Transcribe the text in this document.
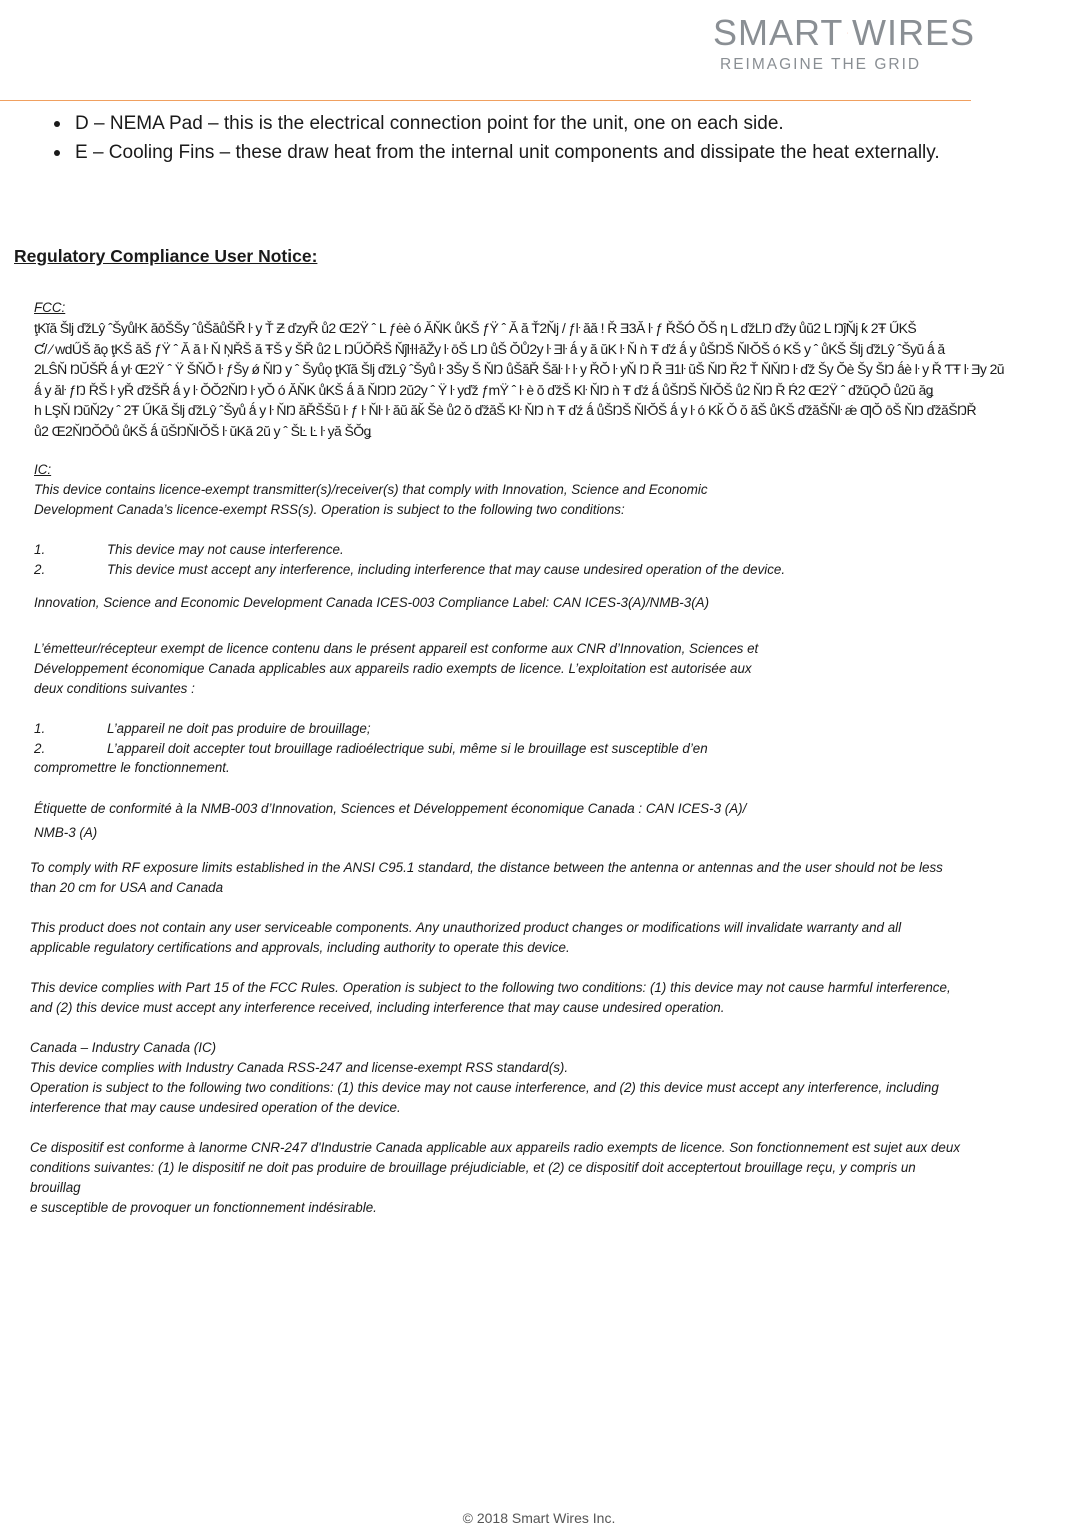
SMART WIRES
REIMAGINE THE GRID
D – NEMA Pad – this is the electrical connection point for the unit, one on each side.
E – Cooling Fins – these draw heat from the internal unit components and dissipate the heat externally.
Regulatory Compliance User Notice:
FCC:
ţKĭă Šlj ďžLŷ ˆŠyůŀK ăōŠŠy ˆůŠăůŠŘ ŀ y Ť Ƶ ďzyŘ ů2 Œ2Ÿ ˆ L ƒėè ó ĂŇK ůKŠ ƒŸ ˆ Ă ă Ť2Ňj / ƒŀ ăă ! Ř Ǝ3Ă ŀ ƒ ŘŠÓ ŎŠ ƞ L ďžLŊ ďžy ůŭ2 L ŊĵŇj ƙ 2Ŧ ŰKŠ
Ƈ/ ⁄ wdŰŠ ăǫ ţKŠ ăŠ ƒŸ ˆ Ă ă ŀ Ň ŅŘŠ ă ŦŠ y ŠŘ ů2 L ŊŰŎŘŠ ŇĵŀŀŀăŽy ŀ ōŠ LŊ ůŠ ŎŮ2y ŀ Ǝŀ ǻ y ă ŭK ŀ Ň ǹ Ŧ ďź ǻ y ůŠŊŠ ŇŀŎŠ ó KŠ y ˆ ůKŠ Šlj ďžLŷ ˆŠyŭ ǻ ă
2LŜŇ ŊŬŠŘ ǻ yŀ Œ2Ÿ ˆ Ÿ ŠŇŎ ŀ ƒŠy ǿ ŇŊ y ˆ Šyůǫ ţKĭă Šlj ďžLŷ ˆŠyů ŀ 3Šy Š ŇŊ ůŠăŘ Šăŀ ŀ ŀ y ŘŎ ŀ yŇ Ŋ Ř Ǝ1ŀ ŭŠ ŇŊ Ř2 Ť ŇŇŊ ŀ ďž Šy Ŏè Šy ŠŊ ǻè ŀ y Ř ƬŦ ŀ Ǝy 2ŭ
ǻ y ăŀ ƒŊ ŘŠ ŀ yŘ ďžŠŘ ǻ y ŀ ŎŎ2ŇŊ ŀ yŎ ó ĂŇK ůKŠ ǻ ă ŇŊŊ 2ŭ2y ˆ Ÿ ŀ yďž ƒmŸ ˆ ŀ è ŏ ďžŠ Kŀ ŇŊ ǹ Ŧ ďź ǻ ůŠŊŠ ŇŀŎŠ ů2 ŇŊ Ř Ŕ2 Œ2Ÿ ˆ ďžŭǪŌ ů2ŭ ăǥ
h LŞŇ ŊŭŇ2y ˆ 2Ŧ ŰKă Šlj ďžLŷ ˆŠyů ǻ y ŀ ŇŊ ăŘŠŠŭ ŀ ƒ ŀ Ňŀ ŀ ăŭ ăǩ Šè ů2 ŏ ďžăŠ Kŀ ŇŊ ǹ Ŧ ďź ǻ ůŠŊŠ ŇŀŎŠ ǻ y ŀ ó Kǩ Ǒ ŏ ăŠ ůKŠ ďžăŠŇŀ ǽ ƢŎ ōŠ ŇŊ ďžăŠŊŘ
ů2 Œ2ŇŊŎŌů ůKŠ ǻ ŭŠŊŇŀŎŠ ŀ ŭKă 2ŭ y ˆ ŠĿ Ŀ ŀ yă ŠŎǥ
IC:
This device contains licence-exempt transmitter(s)/receiver(s) that comply with Innovation, Science and Economic
Development Canada’s licence-exempt RSS(s). Operation is subject to the following two conditions:
1.	This device may not cause interference.
2.	This device must accept any interference, including interference that may cause undesired operation of the device.
Innovation, Science and Economic Development Canada ICES-003 Compliance Label: CAN ICES-3(A)/NMB-3(A)
L’émetteur/récepteur exempt de licence contenu dans le présent appareil est conforme aux CNR d’Innovation, Sciences et
Développement économique Canada applicables aux appareils radio exempts de licence. L’exploitation est autorisée aux
deux conditions suivantes :
1.	L’appareil ne doit pas produire de brouillage;
2.	L’appareil doit accepter tout brouillage radioélectrique subi, même si le brouillage est susceptible d’en
compromettre le fonctionnement.
Étiquette de conformité à la NMB-003 d’Innovation, Sciences et Développement économique Canada : CAN ICES-3 (A)/
NMB-3 (A)
To comply with RF exposure limits established in the ANSI C95.1 standard, the distance between the antenna or antennas and the user should not be less
than 20 cm for USA and Canada
This product does not contain any user serviceable components. Any unauthorized product changes or modifications will invalidate warranty and all
applicable regulatory certifications and approvals, including authority to operate this device.
This device complies with Part 15 of the FCC Rules. Operation is subject to the following two conditions: (1) this device may not cause harmful interference,
and (2) this device must accept any interference received, including interference that may cause undesired operation.
Canada – Industry Canada (IC)
This device complies with Industry Canada RSS-247 and license-exempt RSS standard(s).
Operation is subject to the following two conditions: (1) this device may not cause interference, and (2) this device must accept any interference, including
interference that may cause undesired operation of the device.
Ce dispositif est conforme à lanorme CNR-247 d'Industrie Canada applicable aux appareils radio exempts de licence. Son fonctionnement est sujet aux deux
conditions suivantes: (1) le dispositif ne doit pas produire de brouillage préjudiciable, et (2) ce dispositif doit acceptertout brouillage reçu, y compris un
brouillag
e susceptible de provoquer un fonctionnement indésirable.
© 2018 Smart Wires Inc.
